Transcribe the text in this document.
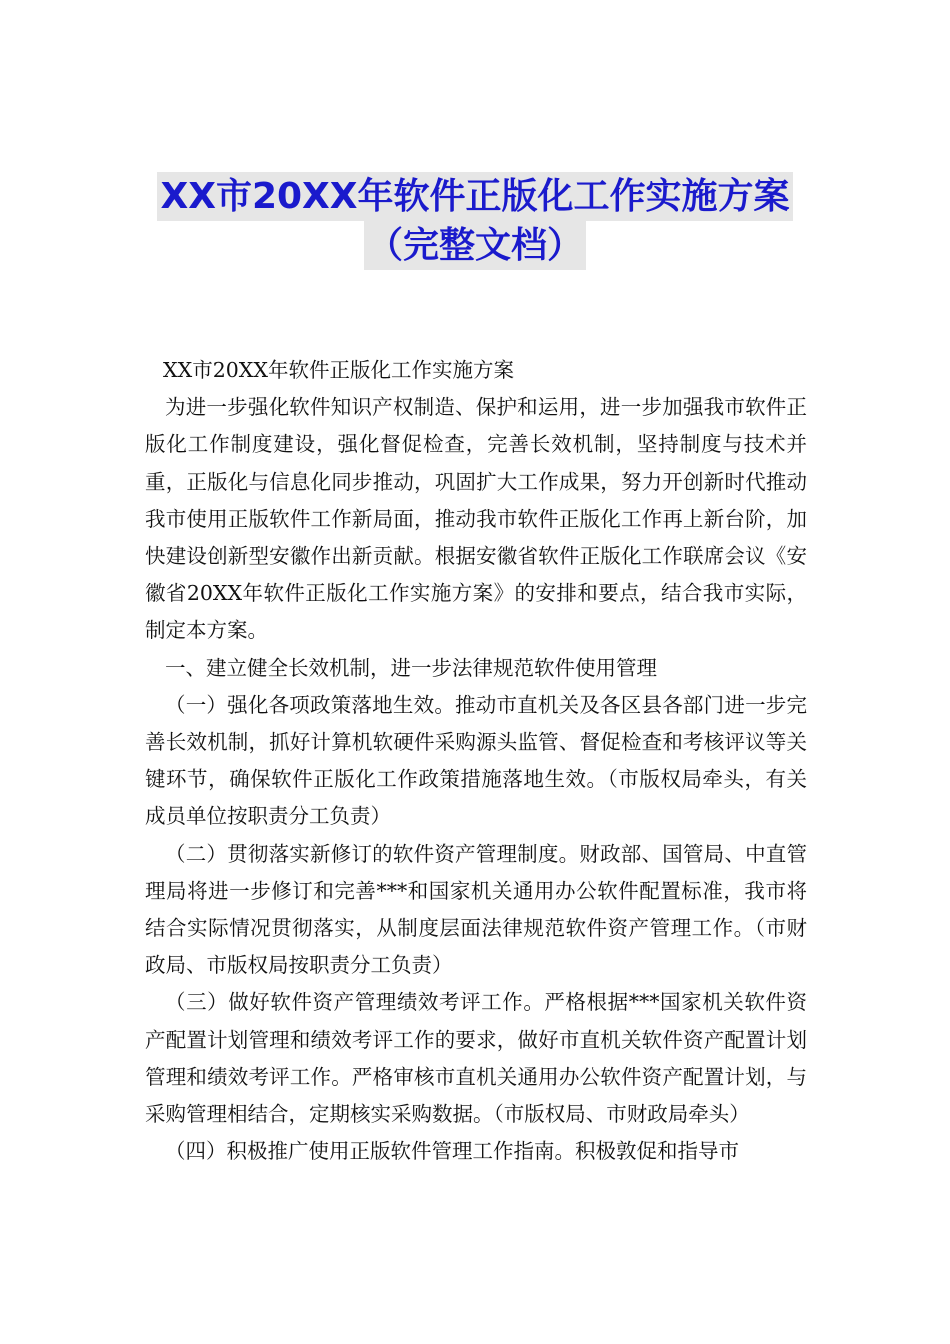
XX市20XX年软件正版化工作实施方案
（完整文档）

XX市20XX年软件正版化工作实施方案

为进一步强化软件知识产权制造、保护和运用，进一步加强我市软件正版化工作制度建设，强化督促检查，完善长效机制，坚持制度与技术并重，正版化与信息化同步推动，巩固扩大工作成果，努力开创新时代推动我市使用正版软件工作新局面，推动我市软件正版化工作再上新台阶，加快建设创新型安徽作出新贡献。根据安徽省软件正版化工作联席会议《安徽省20XX年软件正版化工作实施方案》的安排和要点，结合我市实际，制定本方案。

一、建立健全长效机制，进一步法律规范软件使用管理

（一）强化各项政策落地生效。推动市直机关及各区县各部门进一步完善长效机制，抓好计算机软硬件采购源头监管、督促检查和考核评议等关键环节，确保软件正版化工作政策措施落地生效。（市版权局牵头，有关成员单位按职责分工负责）

（二）贯彻落实新修订的软件资产管理制度。财政部、国管局、中直管理局将进一步修订和完善***和国家机关通用办公软件配置标准，我市将结合实际情况贯彻落实，从制度层面法律规范软件资产管理工作。（市财政局、市版权局按职责分工负责）

（三）做好软件资产管理绩效考评工作。严格根据***国家机关软件资产配置计划管理和绩效考评工作的要求，做好市直机关软件资产配置计划管理和绩效考评工作。严格审核市直机关通用办公软件资产配置计划，与采购管理相结合，定期核实采购数据。（市版权局、市财政局牵头）

（四）积极推广使用正版软件管理工作指南。积极敦促和指导市
